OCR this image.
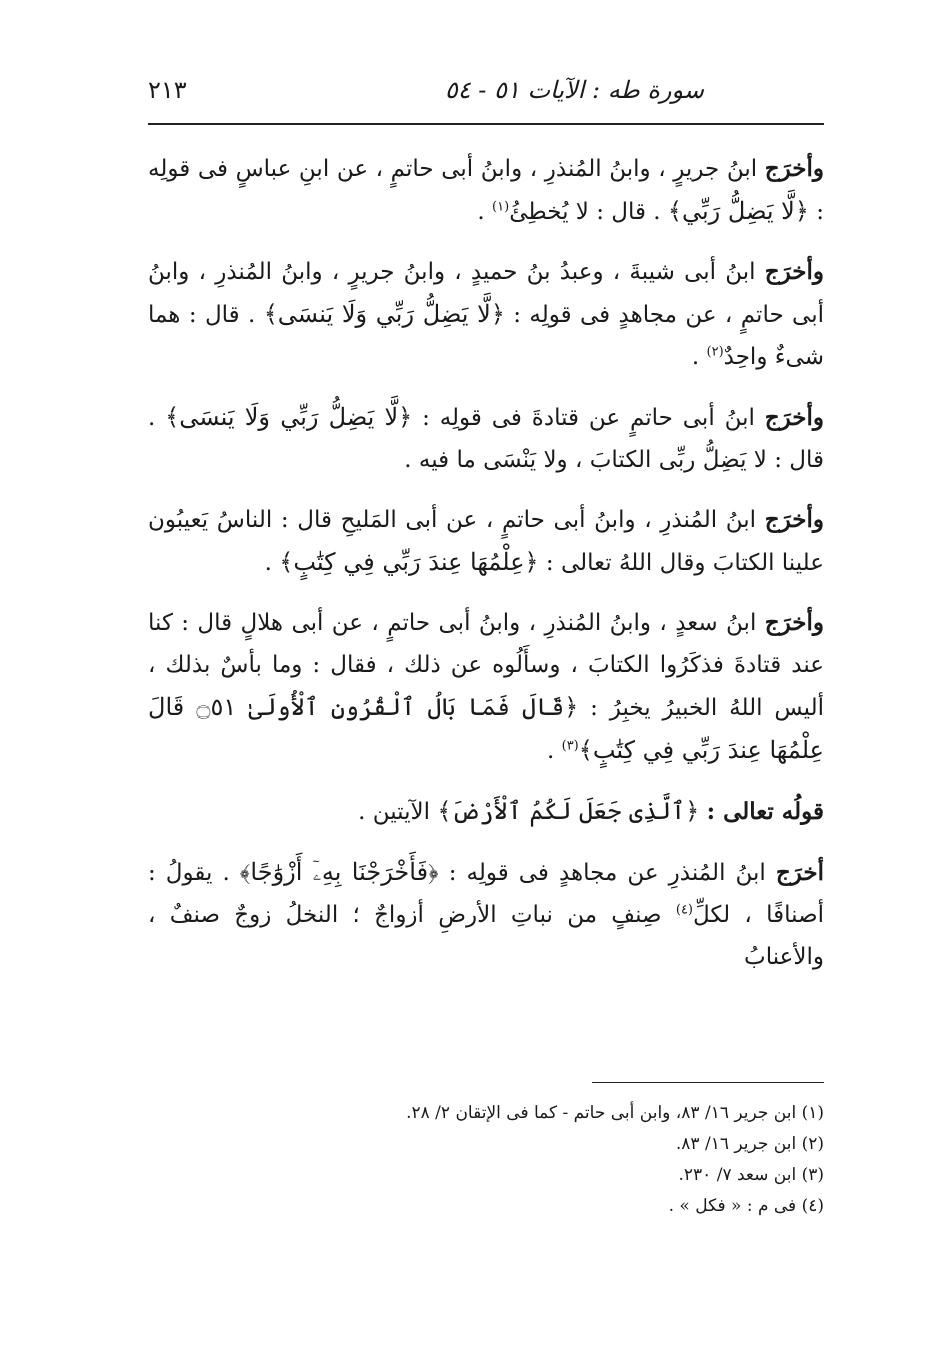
سورة طه : الآيات ٥١ - ٥٤
٢١٣

وأخرَج ابنُ جريرٍ ، وابنُ المُنذرِ ، وابنُ أبى حاتمٍ ، عن ابنِ عباسٍ فى قولِه : ﴿لَّا يَضِلُّ رَبِّي﴾ . قال : لا يُخطِئُ$^{(١)}$ .

وأخرَج ابنُ أبى شيبةَ ، وعبدُ بنُ حميدٍ ، وابنُ جريرٍ ، وابنُ المُنذرِ ، وابنُ أبى حاتمٍ ، عن مجاهدٍ فى قولِه : ﴿لَّا يَضِلُّ رَبِّي وَلَا يَنسَى﴾ . قال : هما شىءٌ واحِدٌ$^{(٢)}$ .

وأخرَج ابنُ أبى حاتمٍ عن قتادةَ فى قولِه : ﴿لَّا يَضِلُّ رَبِّي وَلَا يَنسَى﴾ . قال : لا يَضِلُّ ربِّى الكتابَ ، ولا يَنْسَى ما فيه .

وأخرَج ابنُ المُنذرِ ، وابنُ أبى حاتمٍ ، عن أبى المَليحِ قال : الناسُ يَعيبُون علينا الكتابَ وقال اللهُ تعالى : ﴿عِلْمُهَا عِندَ رَبِّي فِي كِتَٰبٍ﴾ .

وأخرَج ابنُ سعدٍ ، وابنُ المُنذرِ ، وابنُ أبى حاتمٍ ، عن أبى هلالٍ قال : كنا عند قتادةَ فذكَرُوا الكتابَ ، وسأَلُوه عن ذلك ، فقال : وما بأسٌ بذلك ، أليس اللهُ الخبيرُ يخبِرُ : ﴿قَالَ فَمَا بَالُ ٱلْقُرُونِ ٱلْأُولَىٰ ۝٥١ قَالَ عِلْمُهَا عِندَ رَبِّي فِي كِتَٰبٍ﴾$^{(٣)}$ .

قولُه تعالى : ﴿ٱلَّذِى جَعَلَ لَكُمُ ٱلْأَرْضَ﴾ الآيتين .

أخرَج ابنُ المُنذرِ عن مجاهدٍ فى قولِه : ﴿فَأَخْرَجْنَا بِهِۦٓ أَزْوَٰجًا﴾ . يقولُ : أصنافًا ، لكلِّ$^{(٤)}$ صِنفٍ من نباتِ الأرضِ أزواجٌ ؛ النخلُ زوجٌ صنفٌ ، والأعنابُ

(١) ابن جرير ١٦/ ٨٣، وابن أبى حاتم - كما فى الإتقان ٢/ ٢٨.

(٢) ابن جرير ١٦/ ٨٣.

(٣) ابن سعد ٧/ ٢٣٠.

(٤) فى م : « فكل » .
